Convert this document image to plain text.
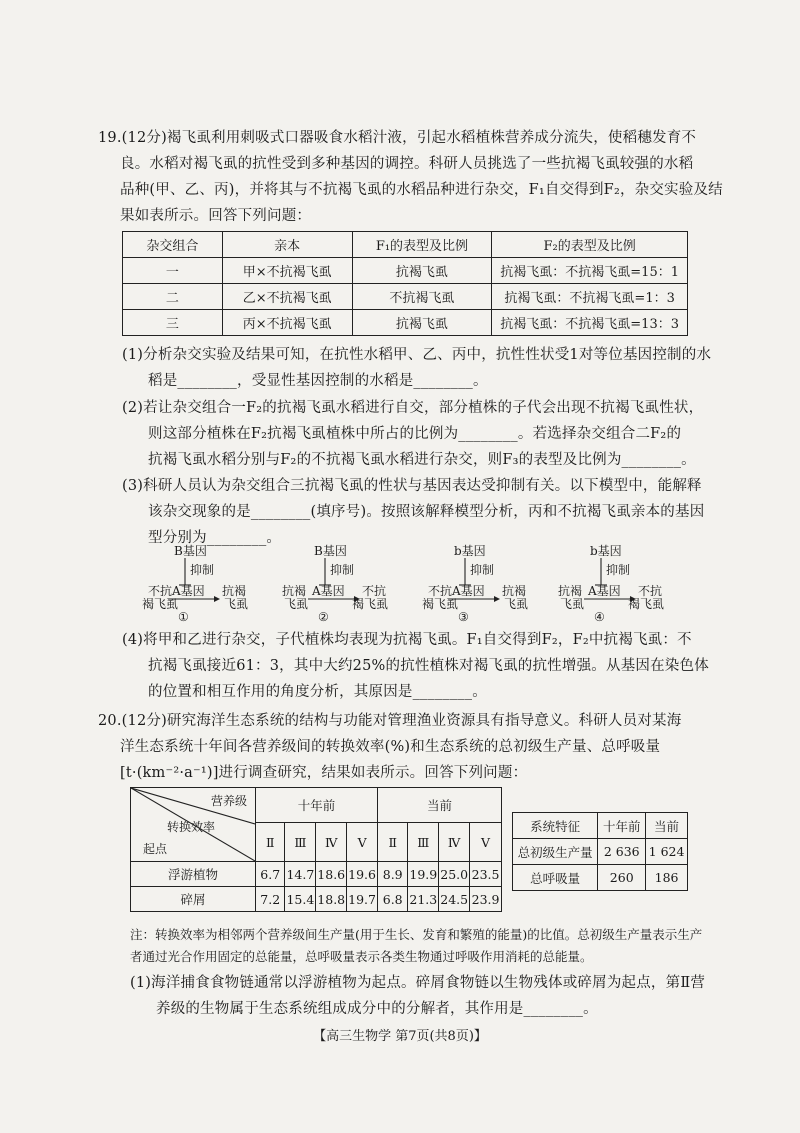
19.(12分)褐飞虱利用刺吸式口器吸食水稻汁液，引起水稻植株营养成分流失，使稻穗发育不
良。水稻对褐飞虱的抗性受到多种基因的调控。科研人员挑选了一些抗褐飞虱较强的水稻
品种(甲、乙、丙)，并将其与不抗褐飞虱的水稻品种进行杂交，F₁自交得到F₂，杂交实验及结
果如表所示。回答下列问题：
杂交组合	亲本	F₁的表型及比例	F₂的表型及比例
一	甲×不抗褐飞虱	抗褐飞虱	抗褐飞虱：不抗褐飞虱=15：1
二	乙×不抗褐飞虱	不抗褐飞虱	抗褐飞虱：不抗褐飞虱=1：3
三	丙×不抗褐飞虱	抗褐飞虱	抗褐飞虱：不抗褐飞虱=13：3
(1)分析杂交实验及结果可知，在抗性水稻甲、乙、丙中，抗性性状受1对等位基因控制的水
稻是________，受显性基因控制的水稻是________。
(2)若让杂交组合一F₂的抗褐飞虱水稻进行自交，部分植株的子代会出现不抗褐飞虱性状，
则这部分植株在F₂抗褐飞虱植株中所占的比例为________。若选择杂交组合二F₂的
抗褐飞虱水稻分别与F₂的不抗褐飞虱水稻进行杂交，则F₃的表型及比例为________。
(3)科研人员认为杂交组合三抗褐飞虱的性状与基因表达受抑制有关。以下模型中，能解释
该杂交现象的是________(填序号)。按照该解释模型分析，丙和不抗褐飞虱亲本的基因
型分别为________。
B基因
抑制
不抗
褐飞虱
A基因 抗褐
飞虱
①
B基因
抑制
抗褐
飞虱
A基因 不抗
褐飞虱
②
b基因
抑制
不抗
褐飞虱
A基因 抗褐
飞虱
③
b基因
抑制
抗褐
飞虱
A基因 不抗
褐飞虱
④
(4)将甲和乙进行杂交，子代植株均表现为抗褐飞虱。F₁自交得到F₂，F₂中抗褐飞虱：不
抗褐飞虱接近61：3，其中大约25%的抗性植株对褐飞虱的抗性增强。从基因在染色体
的位置和相互作用的角度分析，其原因是________。
20.(12分)研究海洋生态系统的结构与功能对管理渔业资源具有指导意义。科研人员对某海
洋生态系统十年间各营养级间的转换效率(%)和生态系统的总初级生产量、总呼吸量
[t·(km⁻²·a⁻¹)]进行调查研究，结果如表所示。回答下列问题：
营养级
转换效率
起点	十年前				当前			
	Ⅱ	Ⅲ	Ⅳ	Ⅴ	Ⅱ	Ⅲ	Ⅳ	Ⅴ
浮游植物	6.7	14.7	18.6	19.6	8.9	19.9	25.0	23.5
碎屑	7.2	15.4	18.8	19.7	6.8	21.3	24.5	23.9
系统特征	十年前	当前
总初级生产量	2 636	1 624
总呼吸量	260	186
注：转换效率为相邻两个营养级间生产量(用于生长、发育和繁殖的能量)的比值。总初级生产量表示生产
者通过光合作用固定的总能量，总呼吸量表示各类生物通过呼吸作用消耗的总能量。
(1)海洋捕食食物链通常以浮游植物为起点。碎屑食物链以生物残体或碎屑为起点，第Ⅱ营
养级的生物属于生态系统组成成分中的分解者，其作用是________。
【高三生物学 第7页(共8页)】
